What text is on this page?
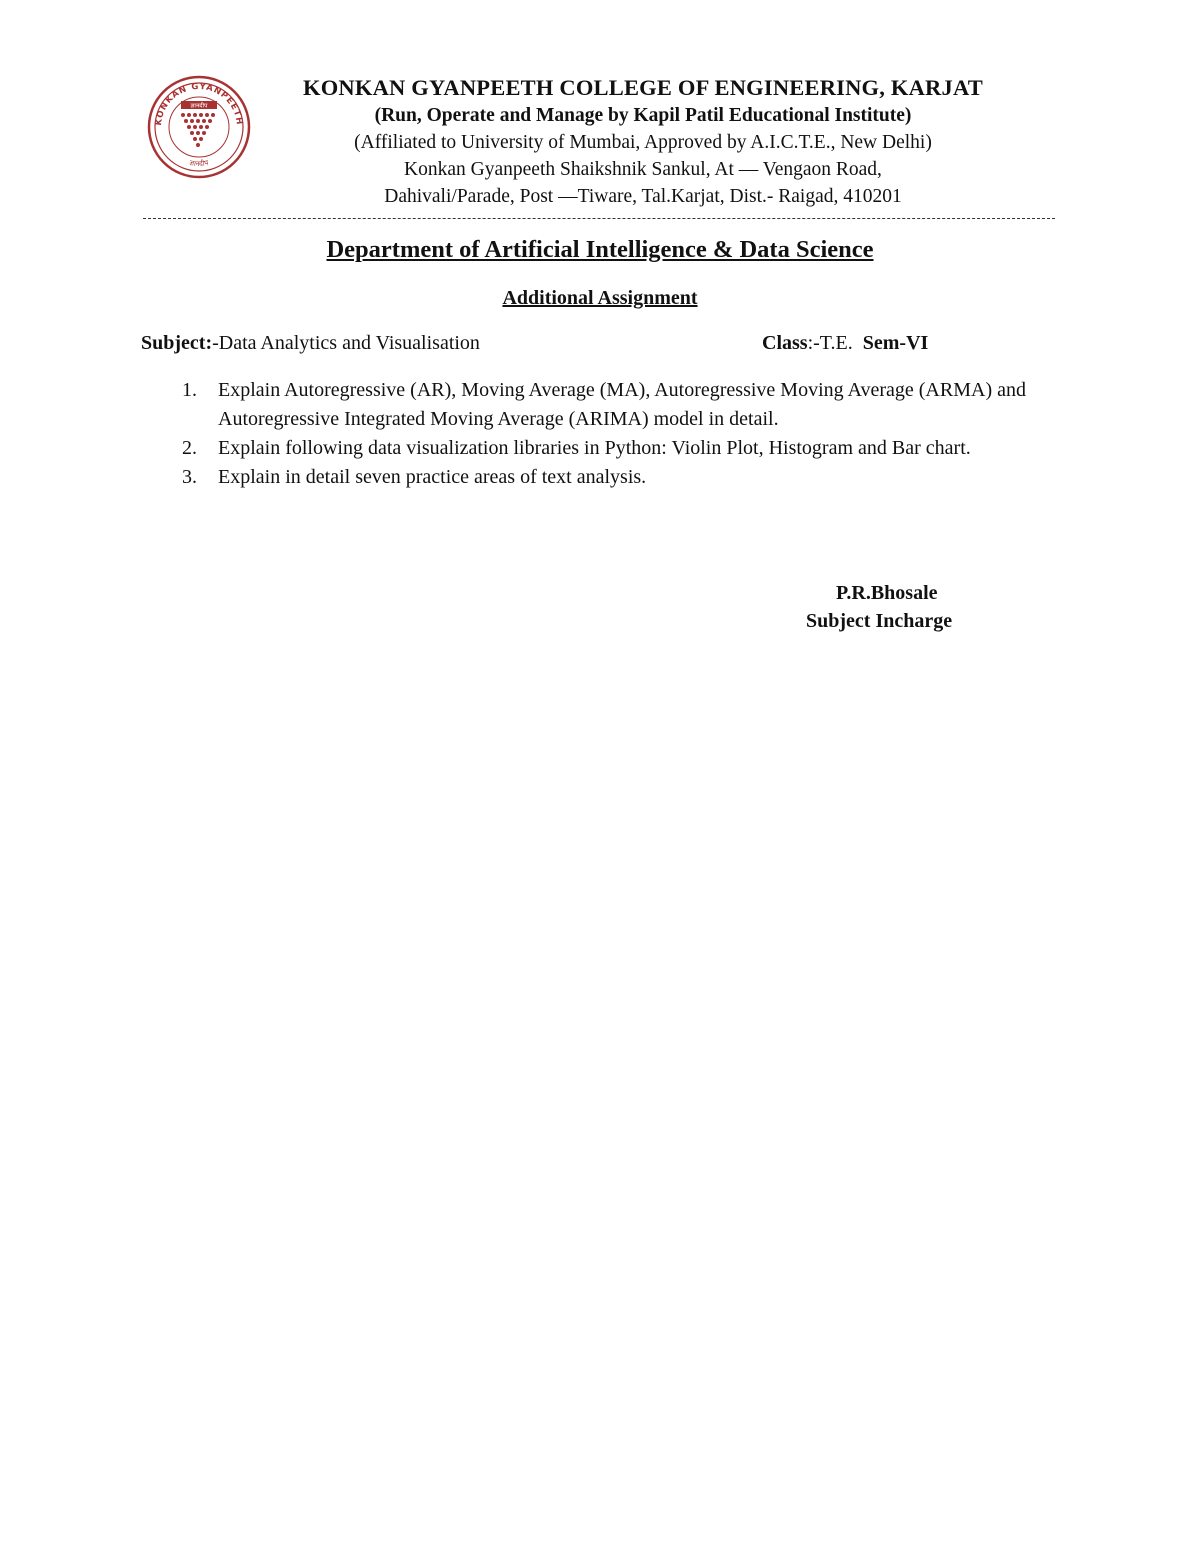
KONKAN GYANPEETH
ज्ञानदीप
ज्ञानदीप
KONKAN GYANPEETH COLLEGE OF ENGINEERING, KARJAT
(Run, Operate and Manage by Kapil Patil Educational Institute)
(Affiliated to University of Mumbai, Approved by A.I.C.T.E., New Delhi)
Konkan Gyanpeeth Shaikshnik Sankul, At — Vengaon Road,
Dahivali/Parade, Post —Tiware, Tal.Karjat, Dist.- Raigad, 410201
Department of Artificial Intelligence & Data Science
Additional Assignment
Subject:-Data Analytics and Visualisation	Class:-T.E. Sem-VI
1. Explain Autoregressive (AR), Moving Average (MA), Autoregressive Moving Average (ARMA) and Autoregressive Integrated Moving Average (ARIMA) model in detail.
2. Explain following data visualization libraries in Python: Violin Plot, Histogram and Bar chart.
3. Explain in detail seven practice areas of text analysis.
P.R.Bhosale
Subject Incharge
